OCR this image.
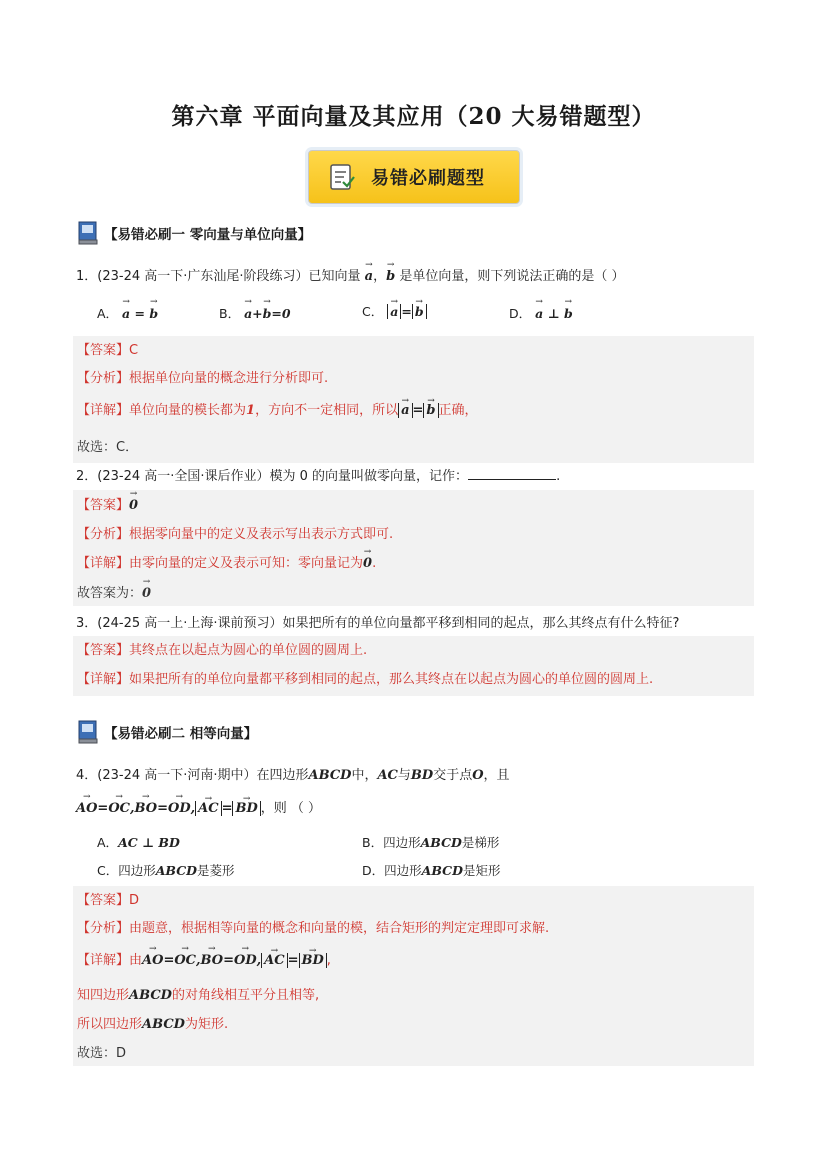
第六章 平面向量及其应用（20 大易错题型）
易错必刷题型
【易错必刷一 零向量与单位向量】
1．(23-24 高一下·广东汕尾·阶段练习）已知向量 → a，→ b 是单位向量，则下列说法正确的是（ ）
A． → a = → b	B． → a+→ b=0	C． → a = → b	D． → a ⊥ → b
【答案】C
【分析】根据单位向量的概念进行分析即可.
【详解】单位向量的模长都为1，方向不一定相同，所以 → a = → b 正确，
故选：C．
2．(23-24 高一·全国·课后作业）模为 0 的向量叫做零向量，记作：	.
【答案】→ 0
【分析】根据零向量中的定义及表示写出表示方式即可.
【详解】由零向量的定义及表示可知：零向量记为→ 0.
故答案为：→ 0
3．(24-25 高一上·上海·课前预习）如果把所有的单位向量都平移到相同的起点，那么其终点有什么特征?
【答案】其终点在以起点为圆心的单位圆的圆周上.
【详解】如果把所有的单位向量都平移到相同的起点，那么其终点在以起点为圆心的单位圆的圆周上.
【易错必刷二 相等向量】
4．(23-24 高一下·河南·期中）在四边形ABCD中，AC与BD交于点O，且
→ AO=→ OC,→ BO=→ OD, → AC = → BD ，则 （ ）
A．AC ⊥ BD	B．四边形ABCD是梯形
C．四边形ABCD是菱形	D．四边形ABCD是矩形
【答案】D
【分析】由题意，根据相等向量的概念和向量的模，结合矩形的判定定理即可求解.
【详解】由→ AO=→ OC,→ BO=→ OD, → AC = → BD ,
知四边形ABCD的对角线相互平分且相等,
所以四边形ABCD为矩形.
故选：D
